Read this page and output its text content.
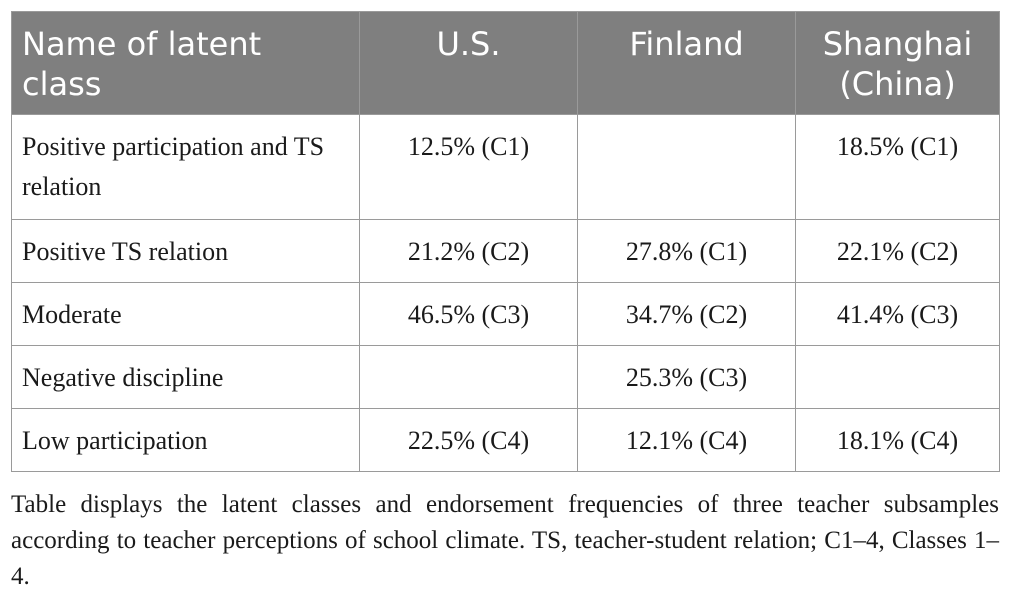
Name of latent class	U.S.	Finland	Shanghai (China)
Positive participation and TS relation	12.5% (C1)		18.5% (C1)
Positive TS relation	21.2% (C2)	27.8% (C1)	22.1% (C2)
Moderate	46.5% (C3)	34.7% (C2)	41.4% (C3)
Negative discipline		25.3% (C3)	
Low participation	22.5% (C4)	12.1% (C4)	18.1% (C4)

Table displays the latent classes and endorsement frequencies of three teacher subsamples according to teacher perceptions of school climate. TS, teacher-student relation; C1–4, Classes 1–4.
